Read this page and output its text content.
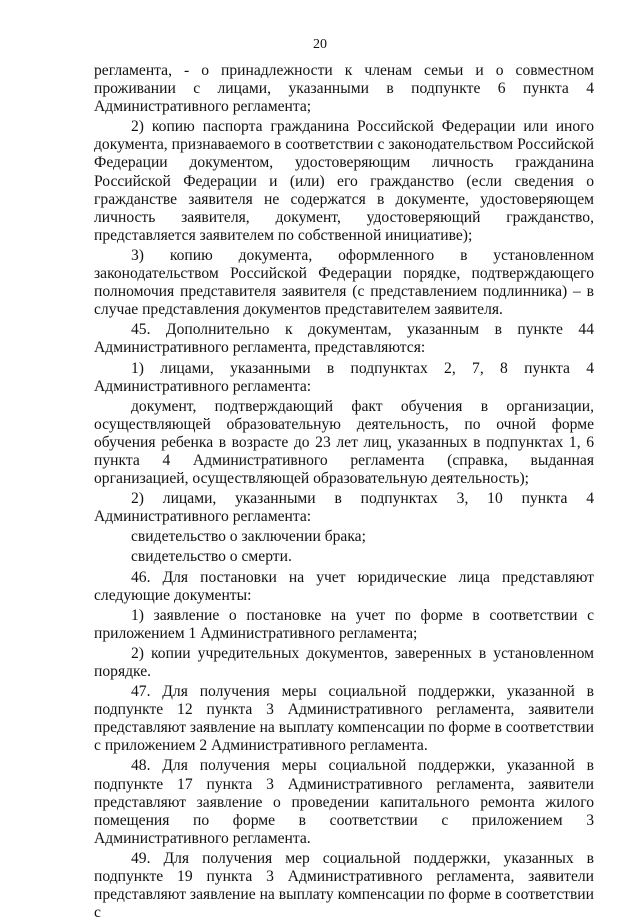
20

регламента, - о принадлежности к членам семьи и о совместном проживании с лицами, указанными в подпункте 6 пункта 4 Административного регламента;

2) копию паспорта гражданина Российской Федерации или иного документа, признаваемого в соответствии с законодательством Российской Федерации документом, удостоверяющим личность гражданина Российской Федерации и (или) его гражданство (если сведения о гражданстве заявителя не содержатся в документе, удостоверяющем личность заявителя, документ, удостоверяющий гражданство, представляется заявителем по собственной инициативе);

3) копию документа, оформленного в установленном законодательством Российской Федерации порядке, подтверждающего полномочия представителя заявителя (с представлением подлинника) – в случае представления документов представителем заявителя.

45. Дополнительно к документам, указанным в пункте 44 Административного регламента, представляются:

1) лицами, указанными в подпунктах 2, 7, 8 пункта 4 Административного регламента:

документ, подтверждающий факт обучения в организации, осуществляющей образовательную деятельность, по очной форме обучения ребенка в возрасте до 23 лет лиц, указанных в подпунктах 1, 6 пункта 4 Административного регламента (справка, выданная организацией, осуществляющей образовательную деятельность);

2) лицами, указанными в подпунктах 3, 10 пункта 4 Административного регламента:

свидетельство о заключении брака;

свидетельство о смерти.

46. Для постановки на учет юридические лица представляют следующие документы:

1) заявление о постановке на учет по форме в соответствии с приложением 1 Административного регламента;

2) копии учредительных документов, заверенных в установленном порядке.

47. Для получения меры социальной поддержки, указанной в подпункте 12 пункта 3 Административного регламента, заявители представляют заявление на выплату компенсации по форме в соответствии с приложением 2 Административного регламента.

48. Для получения меры социальной поддержки, указанной в подпункте 17 пункта 3 Административного регламента, заявители представляют заявление о проведении капитального ремонта жилого помещения по форме в соответствии с приложением 3 Административного регламента.

49. Для получения мер социальной поддержки, указанных в подпункте 19 пункта 3 Административного регламента, заявители представляют заявление на выплату компенсации по форме в соответствии с
